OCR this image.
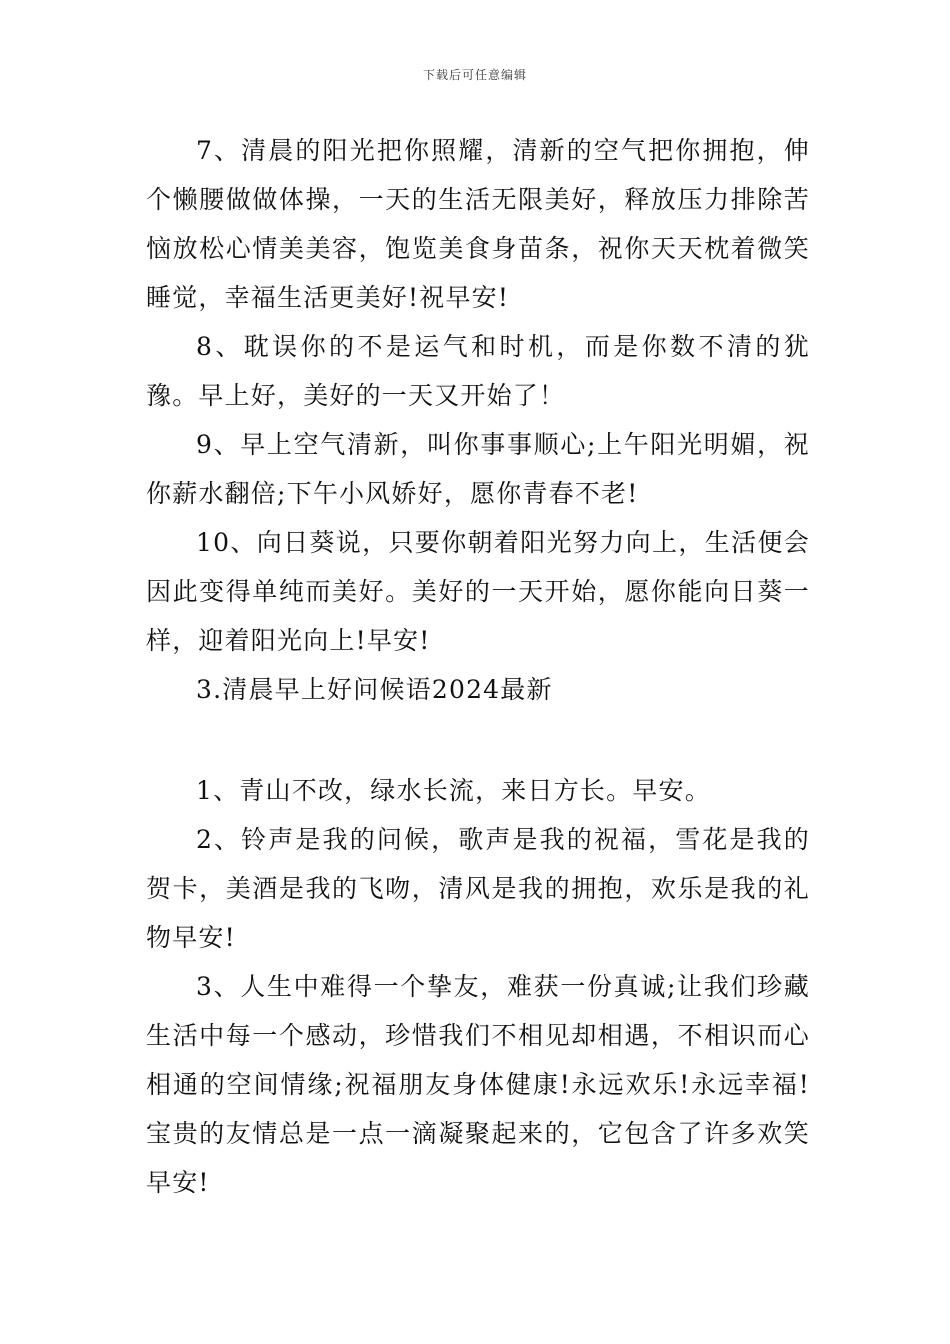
下载后可任意编辑

7、清晨的阳光把你照耀，清新的空气把你拥抱，伸个懒腰做做体操，一天的生活无限美好，释放压力排除苦恼放松心情美美容，饱览美食身苗条，祝你天天枕着微笑睡觉，幸福生活更美好!祝早安!

8、耽误你的不是运气和时机，而是你数不清的犹豫。早上好，美好的一天又开始了！

9、早上空气清新，叫你事事顺心;上午阳光明媚，祝你薪水翻倍;下午小风娇好，愿你青春不老!

10、向日葵说，只要你朝着阳光努力向上，生活便会因此变得单纯而美好。美好的一天开始，愿你能向日葵一样，迎着阳光向上!早安!

3.清晨早上好问候语2024最新

1、青山不改，绿水长流，来日方长。早安。

2、铃声是我的问候，歌声是我的祝福，雪花是我的贺卡，美酒是我的飞吻，清风是我的拥抱，欢乐是我的礼物早安!

3、人生中难得一个挚友，难获一份真诚;让我们珍藏生活中每一个感动，珍惜我们不相见却相遇，不相识而心相通的空间情缘;祝福朋友身体健康!永远欢乐!永远幸福!宝贵的友情总是一点一滴凝聚起来的，它包含了许多欢笑早安!
